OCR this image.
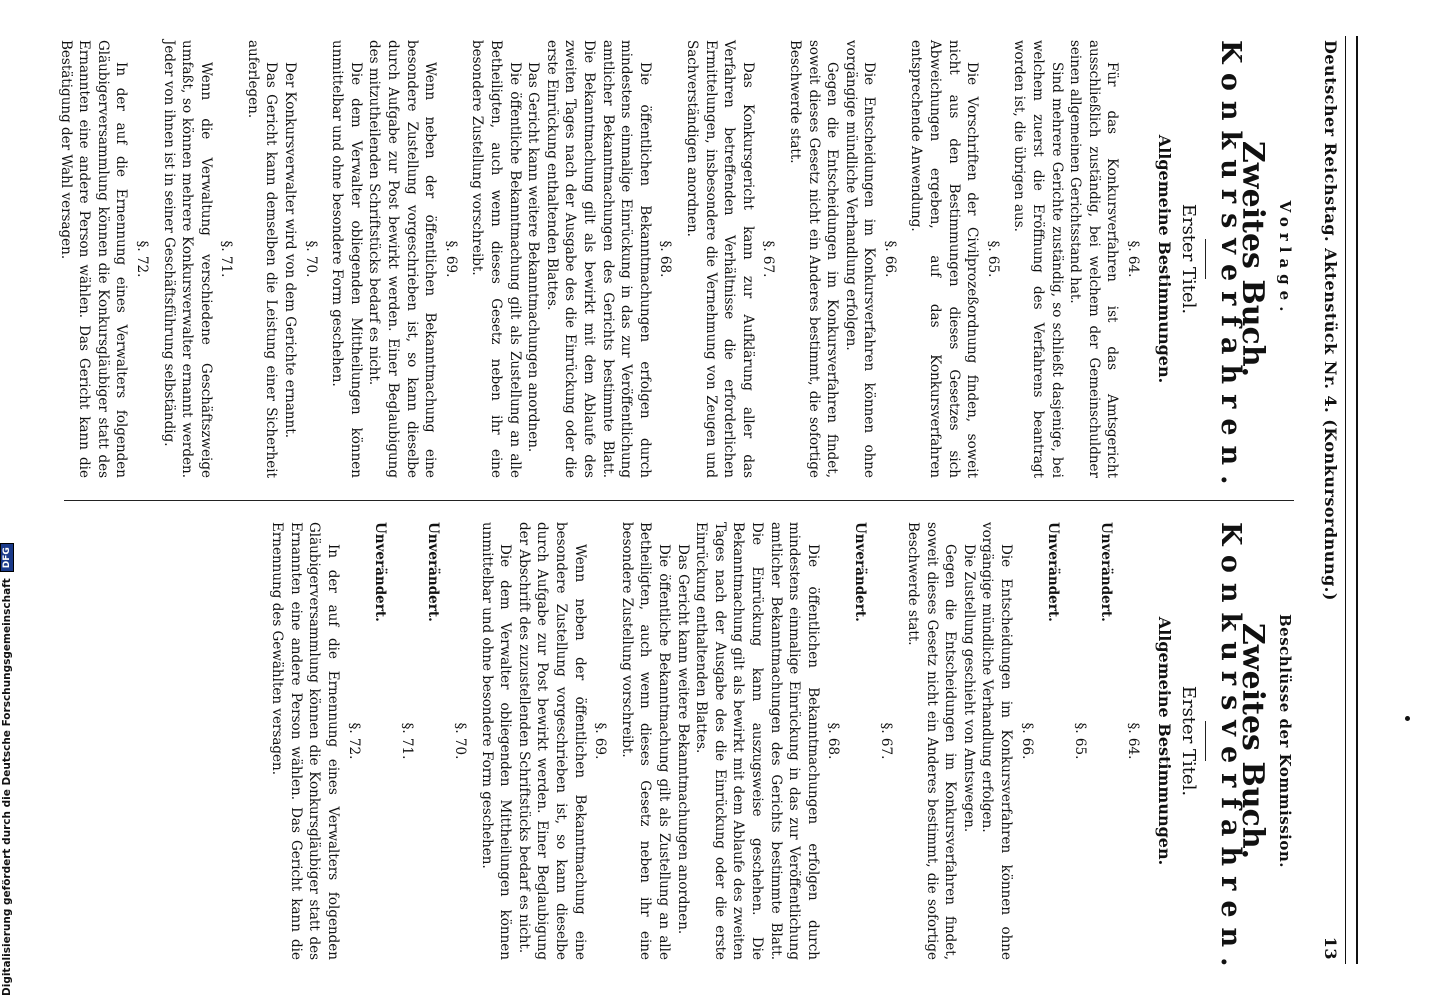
Deutscher Reichstag. Aktenstück Nr. 4. (Konkursordnung.)
13
Vorlage.
Zweites Buch.
Konkursverfahren.
Erster Titel.
Allgemeine Bestimmungen.
§. 64.

Für das Konkursverfahren ist das Amtsgericht ausschließlich zuständig, bei welchem der Gemeinschuldner seinen allgemeinen Gerichtsstand hat.

Sind mehrere Gerichte zuständig, so schließt dasjenige, bei welchem zuerst die Eröffnung des Verfahrens beantragt worden ist, die übrigen aus.

§. 65.

Die Vorschriften der Civilprozeßordnung finden, soweit nicht aus den Bestimmungen dieses Gesetzes sich Abweichungen ergeben, auf das Konkursverfahren entsprechende Anwendung.

§. 66.

Die Entscheidungen im Konkursverfahren können ohne vorgängige mündliche Verhandlung erfolgen.

Gegen die Entscheidungen im Konkursverfahren findet, soweit dieses Gesetz nicht ein Anderes bestimmt, die sofortige Beschwerde statt.

§. 67.

Das Konkursgericht kann zur Aufklärung aller das Verfahren betreffenden Verhältnisse die erforderlichen Ermittelungen, insbesondere die Vernehmung von Zeugen und Sachverständigen anordnen.

§. 68.

Die öffentlichen Bekanntmachungen erfolgen durch mindestens einmalige Einrückung in das zur Veröffentlichung amtlicher Bekanntmachungen des Gerichts bestimmte Blatt. Die Bekanntmachung gilt als bewirkt mit dem Ablaufe des zweiten Tages nach der Ausgabe des die Einrückung oder die erste Einrückung enthaltenden Blattes.

Das Gericht kann weitere Bekanntmachungen anordnen.

Die öffentliche Bekanntmachung gilt als Zustellung an alle Betheiligten, auch wenn dieses Gesetz neben ihr eine besondere Zustellung vorschreibt.

§. 69.

Wenn neben der öffentlichen Bekanntmachung eine besondere Zustellung vorgeschrieben ist, so kann dieselbe durch Aufgabe zur Post bewirkt werden. Einer Beglaubigung des mitzutheilenden Schriftstücks bedarf es nicht.

Die dem Verwalter obliegenden Mittheilungen können unmittelbar und ohne besondere Form geschehen.

§. 70.

Der Konkursverwalter wird von dem Gerichte ernannt.

Das Gericht kann demselben die Leistung einer Sicherheit auferlegen.

§. 71.

Wenn die Verwaltung verschiedene Geschäftszweige umfaßt, so können mehrere Konkursverwalter ernannt werden. Jeder von ihnen ist in seiner Geschäftsführung selbständig.

§. 72.

In der auf die Ernennung eines Verwalters folgenden Gläubigerversammlung können die Konkursgläubiger statt des Ernannten eine andere Person wählen. Das Gericht kann die Bestätigung der Wahl versagen.

Beschlüsse der Kommission.
Zweites Buch.
Konkursverfahren.
Erster Titel.
Allgemeine Bestimmungen.
§. 64.
Unverändert.
§. 65.
Unverändert.
§. 66.

Die Entscheidungen im Konkursverfahren können ohne vorgängige mündliche Verhandlung erfolgen.

Die Zustellung geschieht von Amtswegen.

Gegen die Entscheidungen im Konkursverfahren findet, soweit dieses Gesetz nicht ein Anderes bestimmt, die sofortige Beschwerde statt.

§. 67.
Unverändert.
§. 68.

Die öffentlichen Bekanntmachungen erfolgen durch mindestens einmalige Einrückung in das zur Veröffentlichung amtlicher Bekanntmachungen des Gerichts bestimmte Blatt. Die Einrückung kann auszugsweise geschehen. Die Bekanntmachung gilt als bewirkt mit dem Ablaufe des zweiten Tages nach der Ausgabe des die Einrückung oder die erste Einrückung enthaltenden Blattes.

Das Gericht kann weitere Bekanntmachungen anordnen.

Die öffentliche Bekanntmachung gilt als Zustellung an alle Betheiligten, auch wenn dieses Gesetz neben ihr eine besondere Zustellung vorschreibt.

§. 69.

Wenn neben der öffentlichen Bekanntmachung eine besondere Zustellung vorgeschrieben ist, so kann dieselbe durch Aufgabe zur Post bewirkt werden. Einer Beglaubigung der Abschrift des zuzustellenden Schriftstücks bedarf es nicht.

Die dem Verwalter obliegenden Mittheilungen können unmittelbar und ohne besondere Form geschehen.

§. 70.
Unverändert.
§. 71.
Unverändert.
§. 72.

In der auf die Ernennung eines Verwalters folgenden Gläubigerversammlung können die Konkursgläubiger statt des Ernannten eine andere Person wählen. Das Gericht kann die Ernennung des Gewählten versagen.

Digitalisierung gefördert durch die Deutsche Forschungsgemeinschaft
DFG
